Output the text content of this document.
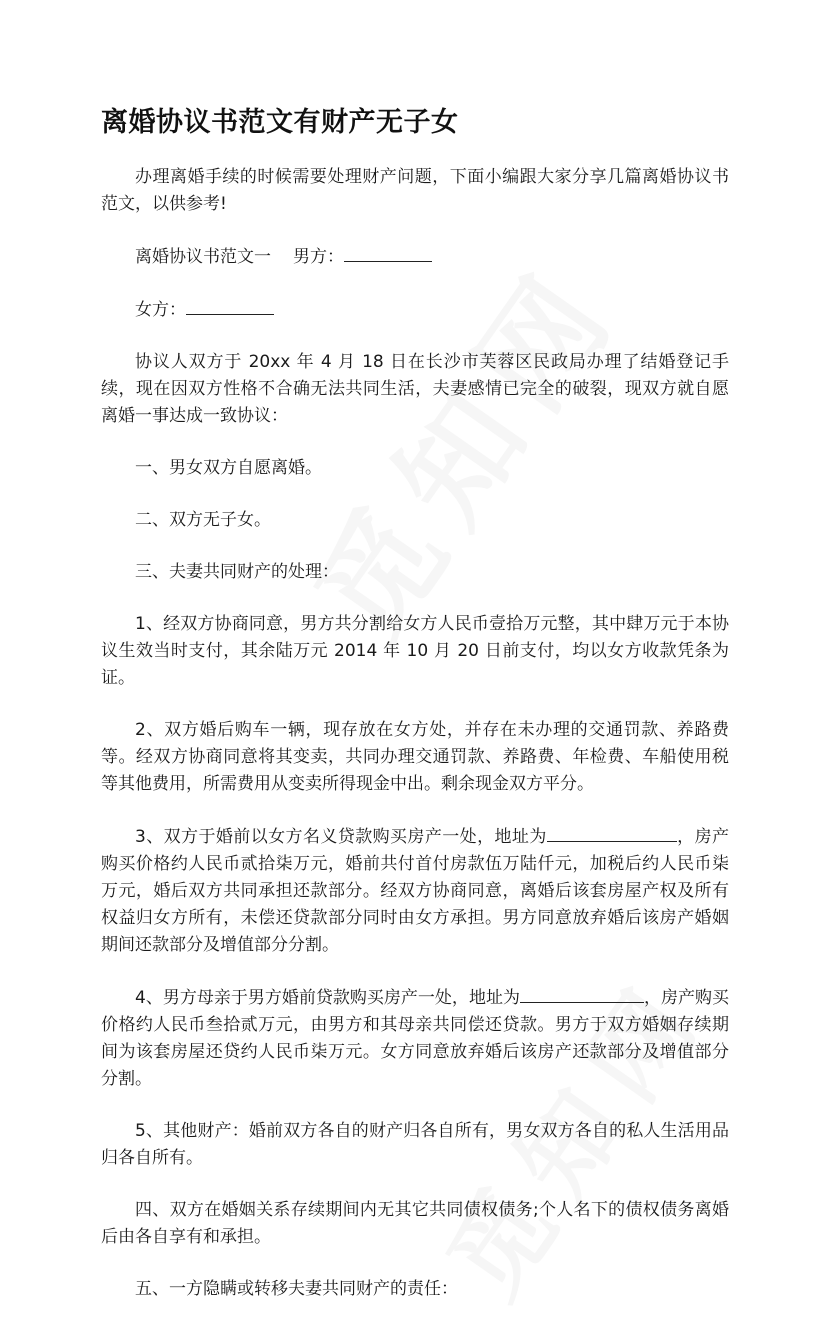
离婚协议书范文有财产无子女

办理离婚手续的时候需要处理财产问题，下面小编跟大家分享几篇离婚协议书范文，以供参考!

离婚协议书范文一 男方：

女方：

协议人双方于 20xx 年 4 月 18 日在长沙市芙蓉区民政局办理了结婚登记手续，现在因双方性格不合确无法共同生活，夫妻感情已完全的破裂，现双方就自愿离婚一事达成一致协议：

一、男女双方自愿离婚。

二、双方无子女。

三、夫妻共同财产的处理：

1、经双方协商同意，男方共分割给女方人民币壹拾万元整，其中肆万元于本协议生效当时支付，其余陆万元 2014 年 10 月 20 日前支付，均以女方收款凭条为证。

2、双方婚后购车一辆，现存放在女方处，并存在未办理的交通罚款、养路费等。经双方协商同意将其变卖，共同办理交通罚款、养路费、年检费、车船使用税等其他费用，所需费用从变卖所得现金中出。剩余现金双方平分。

3、双方于婚前以女方名义贷款购买房产一处，地址为	，房产购买价格约人民币贰拾柒万元，婚前共付首付房款伍万陆仟元，加税后约人民币柒万元，婚后双方共同承担还款部分。经双方协商同意，离婚后该套房屋产权及所有权益归女方所有，未偿还贷款部分同时由女方承担。男方同意放弃婚后该房产婚姻期间还款部分及增值部分分割。

4、男方母亲于男方婚前贷款购买房产一处，地址为	，房产购买价格约人民币叁拾贰万元，由男方和其母亲共同偿还贷款。男方于双方婚姻存续期间为该套房屋还贷约人民币柒万元。女方同意放弃婚后该房产还款部分及增值部分分割。

5、其他财产：婚前双方各自的财产归各自所有，男女双方各自的私人生活用品归各自所有。

四、双方在婚姻关系存续期间内无其它共同债权债务;个人名下的债权债务离婚后由各自享有和承担。

五、一方隐瞒或转移夫妻共同财产的责任：
